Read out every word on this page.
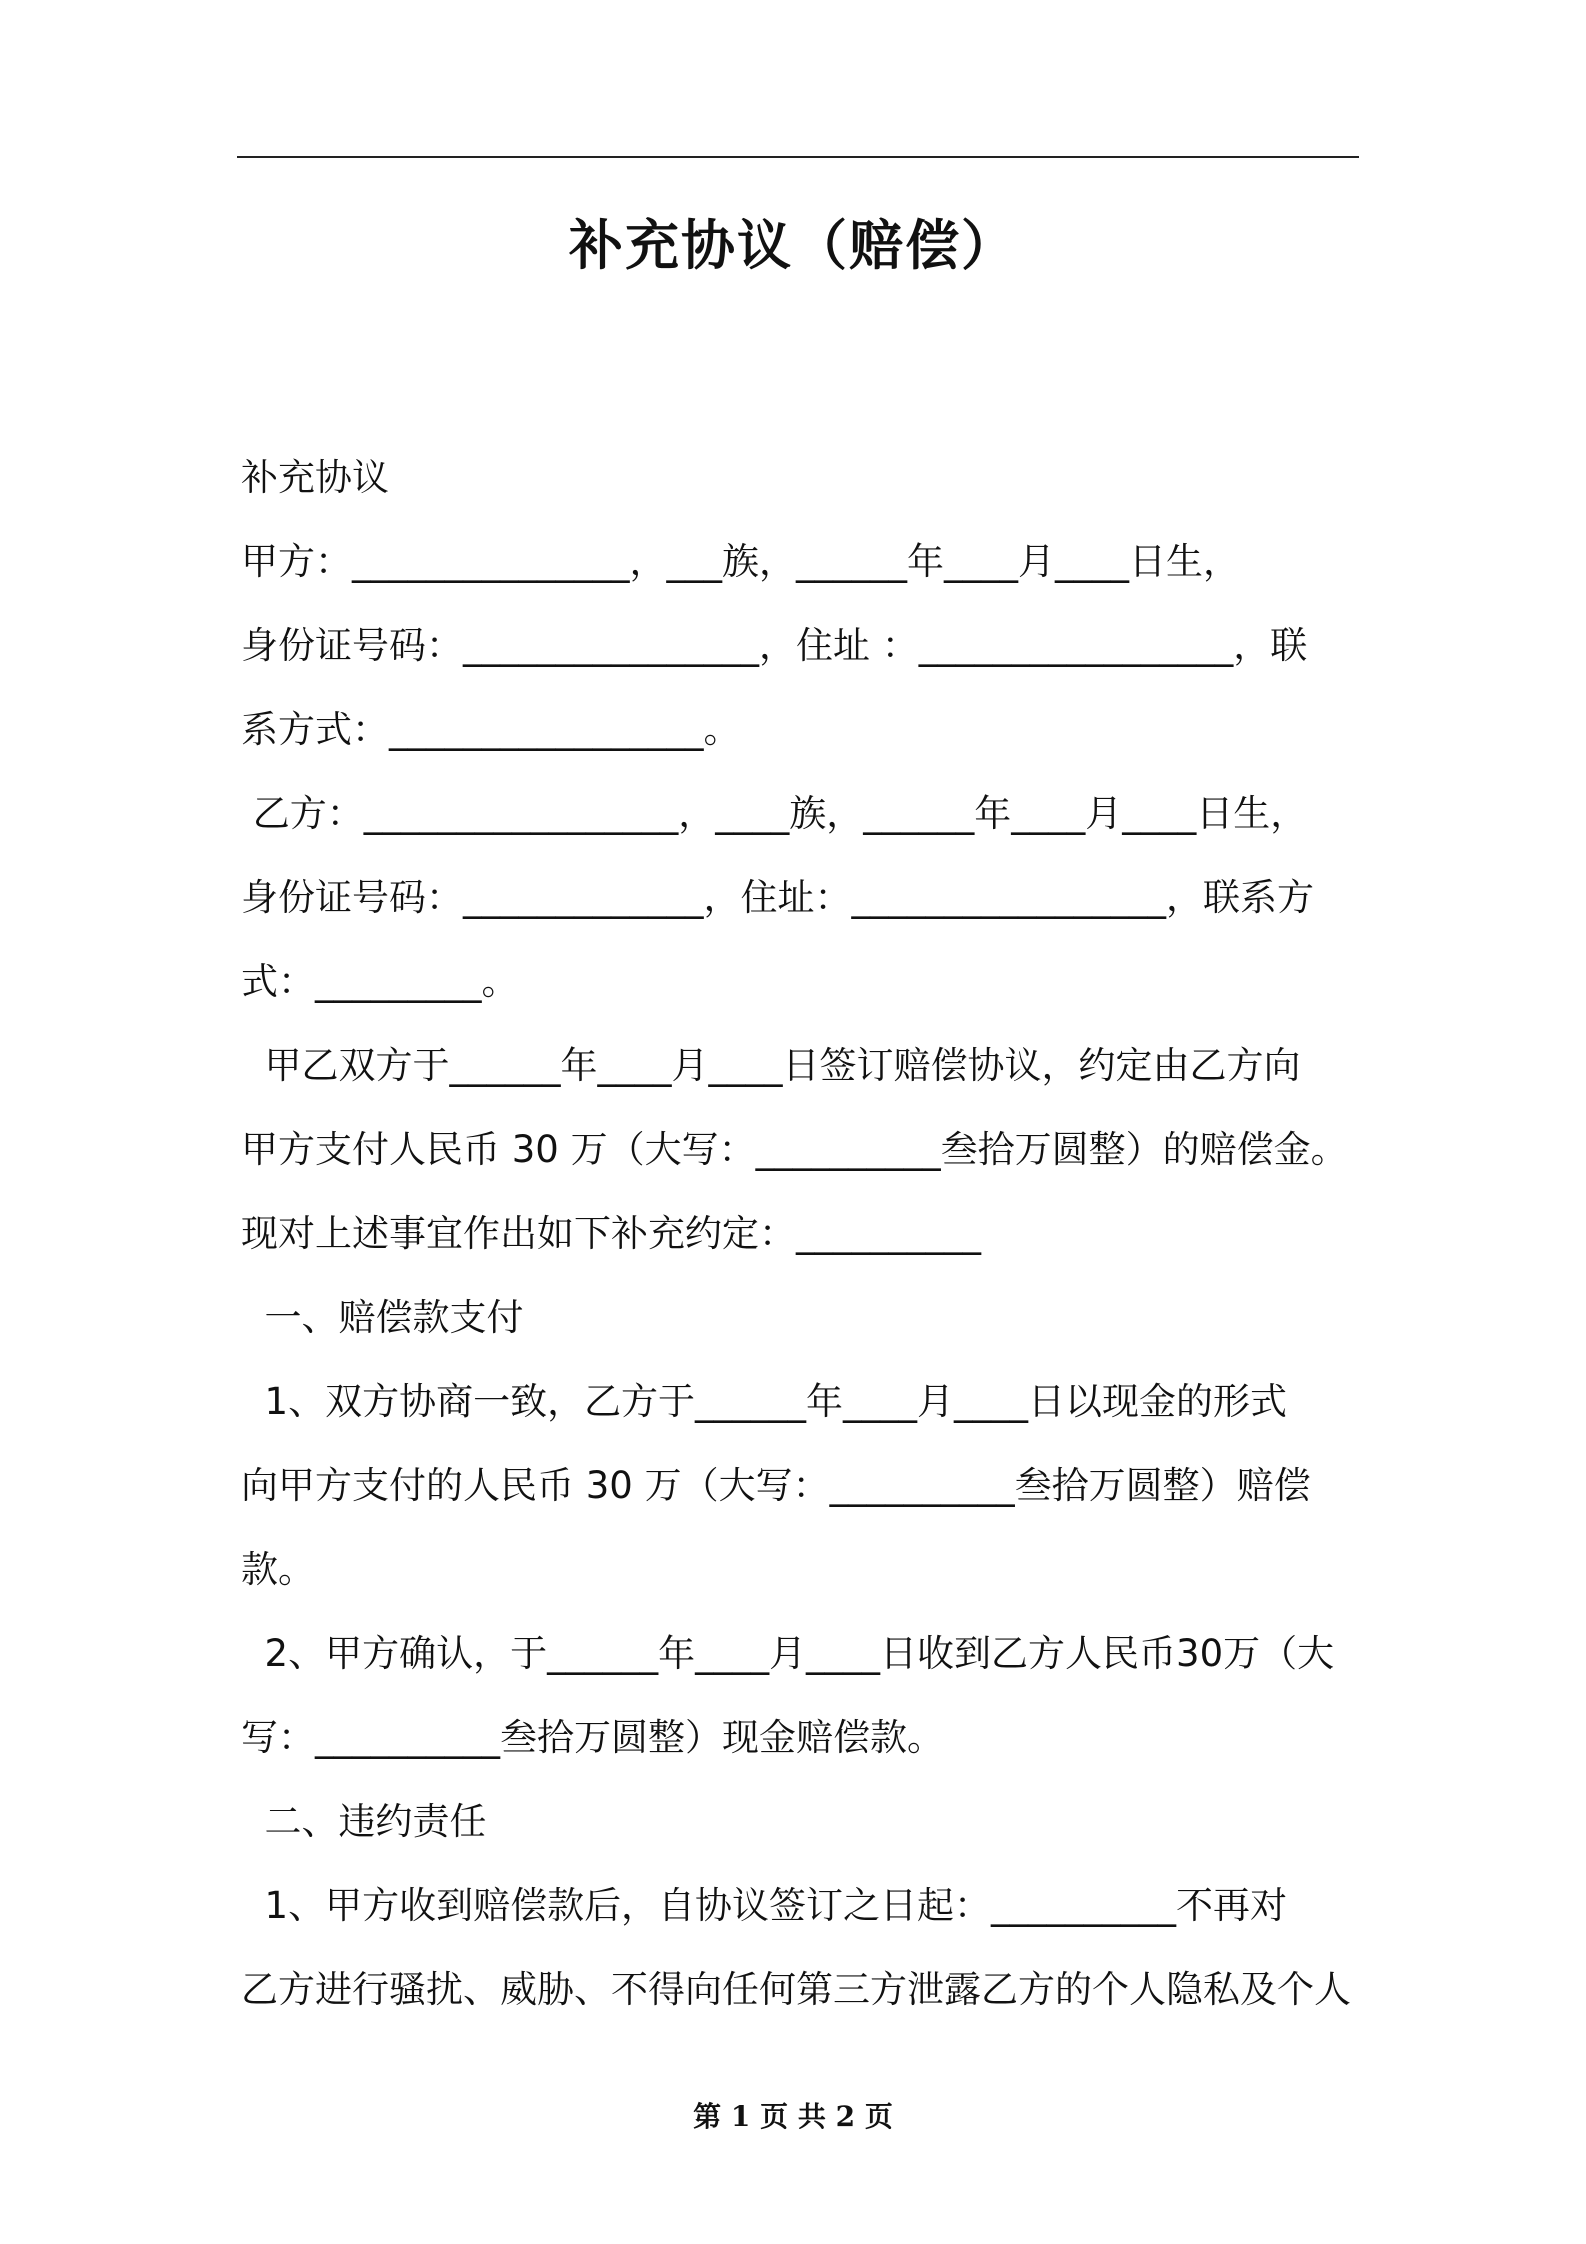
补充协议（赔偿）
补充协议
甲方：_______________，___族，______年____月____日生，
身份证号码：________________，住址 ：_________________，联
系方式：_________________。
乙方：_________________，____族，______年____月____日生，
身份证号码：_____________，住址：_________________，联系方
式：_________。
甲乙双方于______年____月____日签订赔偿协议，约定由乙方向
甲方支付人民币 30 万（大写：__________叁拾万圆整）的赔偿金。
现对上述事宜作出如下补充约定：__________
一、赔偿款支付
1、双方协商一致，乙方于______年____月____日以现金的形式
向甲方支付的人民币 30 万（大写：__________叁拾万圆整）赔偿
款。
2、甲方确认，于______年____月____日收到乙方人民币30万（大
写：__________叁拾万圆整）现金赔偿款。
二、违约责任
1、甲方收到赔偿款后，自协议签订之日起：__________不再对
乙方进行骚扰、威胁、不得向任何第三方泄露乙方的个人隐私及个人
第 1 页 共 2 页
